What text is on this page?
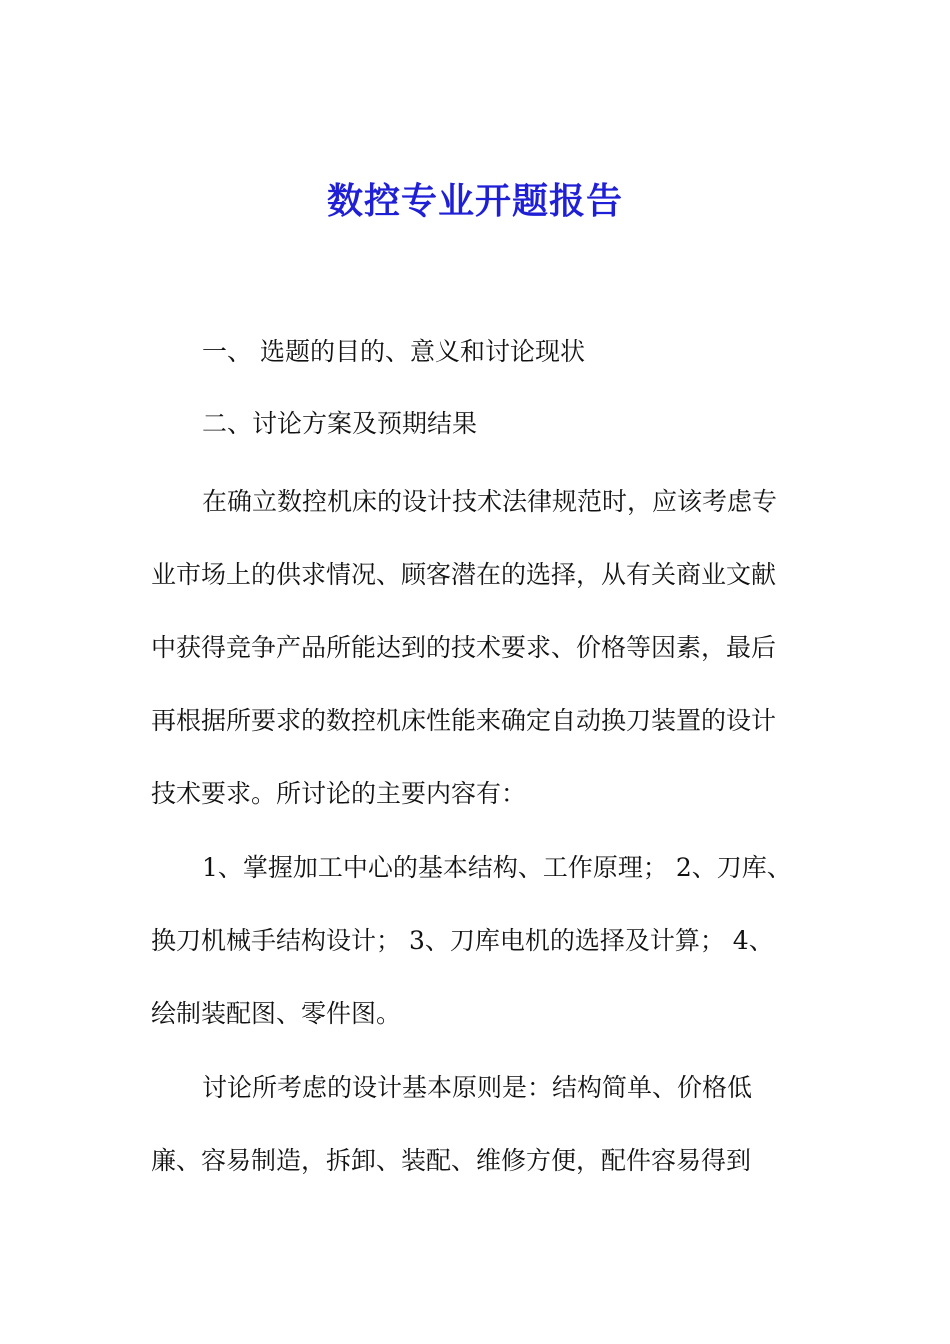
数控专业开题报告
一、 选题的目的、意义和讨论现状
二、讨论方案及预期结果
在确立数控机床的设计技术法律规范时，应该考虑专
业市场上的供求情况、顾客潜在的选择，从有关商业文献
中获得竞争产品所能达到的技术要求、价格等因素，最后
再根据所要求的数控机床性能来确定自动换刀装置的设计
技术要求。所讨论的主要内容有：
1、掌握加工中心的基本结构、工作原理； 2、刀库、
换刀机械手结构设计； 3、刀库电机的选择及计算； 4、
绘制装配图、零件图。
讨论所考虑的设计基本原则是：结构简单、价格低
廉、容易制造，拆卸、装配、维修方便，配件容易得到
